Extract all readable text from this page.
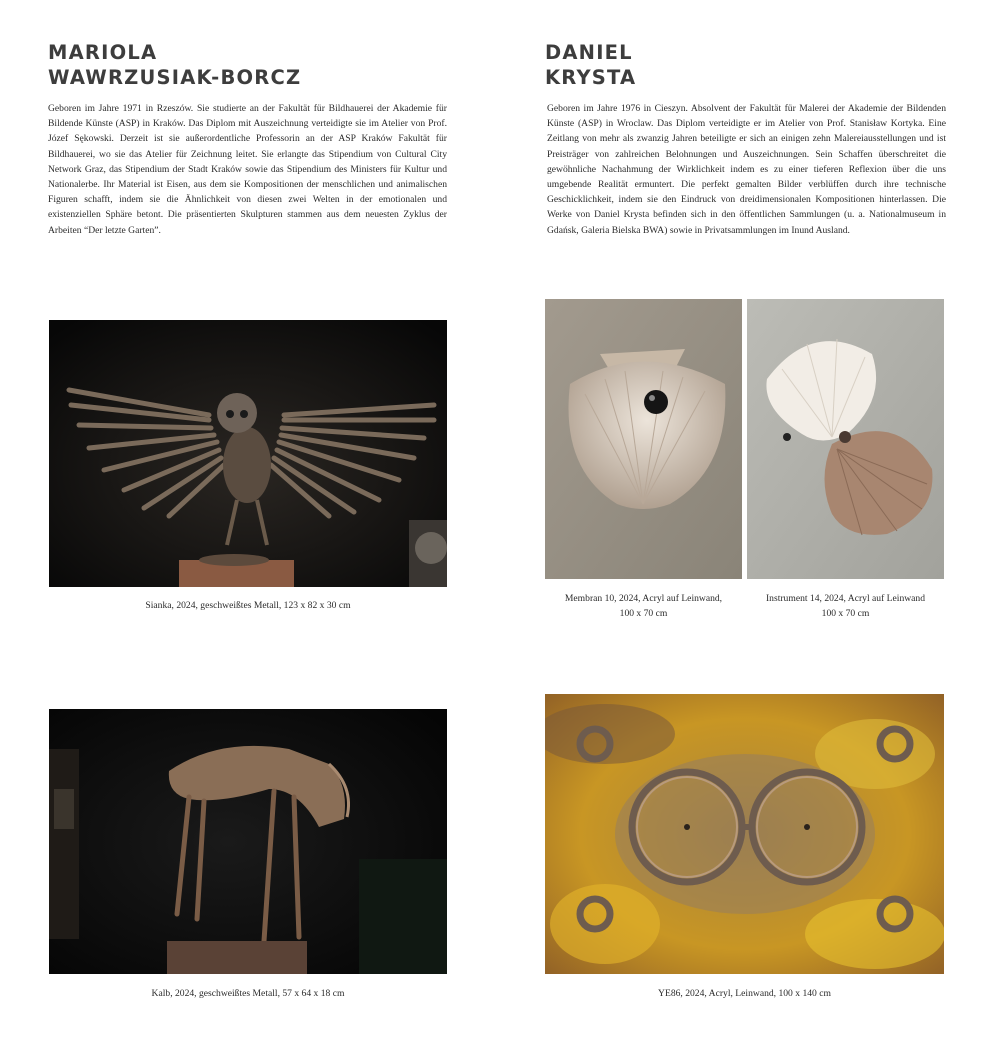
MARIOLA
WAWRZUSIAK-BORCZ

Geboren im Jahre 1971 in Rzeszów. Sie studierte an der Fakultät für Bildhauerei der Akademie für Bildende Künste (ASP) in Kraków. Das Diplom mit Auszeichnung verteidigte sie im Atelier von Prof. Józef Sękowski. Derzeit ist sie außerordentliche Professorin an der ASP Kraków Fakultät für Bildhauerei, wo sie das Atelier für Zeichnung leitet. Sie erlangte das Stipendium von Cultural City Network Graz, das Stipendium der Stadt Kraków sowie das Stipendium des Ministers für Kultur und Nationalerbe. Ihr Material ist Eisen, aus dem sie Kompositionen der menschlichen und animalischen Figuren schafft, indem sie die Ähnlichkeit von diesen zwei Welten in der emotionalen und existenziellen Sphäre betont. Die präsentierten Skulpturen stammen aus dem neuesten Zyklus der Arbeiten “Der letzte Garten”.

Sianka, 2024, geschweißtes Metall, 123 x 82 x 30 cm
Kalb, 2024, geschweißtes Metall, 57 x 64 x 18 cm
DANIEL
KRYSTA

Geboren im Jahre 1976 in Cieszyn. Absolvent der Fakultät für Malerei der Akademie der Bildenden Künste (ASP) in Wroclaw. Das Diplom verteidigte er im Atelier von Prof. Stanisław Kortyka. Eine Zeitlang von mehr als zwanzig Jahren beteiligte er sich an einigen zehn Malereiausstellungen und ist Preisträger von zahlreichen Belohnungen und Auszeichnungen. Sein Schaffen überschreitet die gewöhnliche Nachahmung der Wirklichkeit indem es zu einer tieferen Reflexion über die uns umgebende Realität ermuntert. Die perfekt gemalten Bilder verblüffen durch ihre technische Geschicklichkeit, indem sie den Eindruck von dreidimensionalen Kompositionen hinterlassen. Die Werke von Daniel Krysta befinden sich in den öffentlichen Sammlungen (u. a. Nationalmuseum in Gdańsk, Galeria Bielska BWA) sowie in Privatsammlungen im Inund Ausland.

Membran 10, 2024, Acryl auf Leinwand,
100 x 70 cm
Instrument 14, 2024, Acryl auf Leinwand
100 x 70 cm
YE86, 2024, Acryl, Leinwand, 100 x 140 cm
